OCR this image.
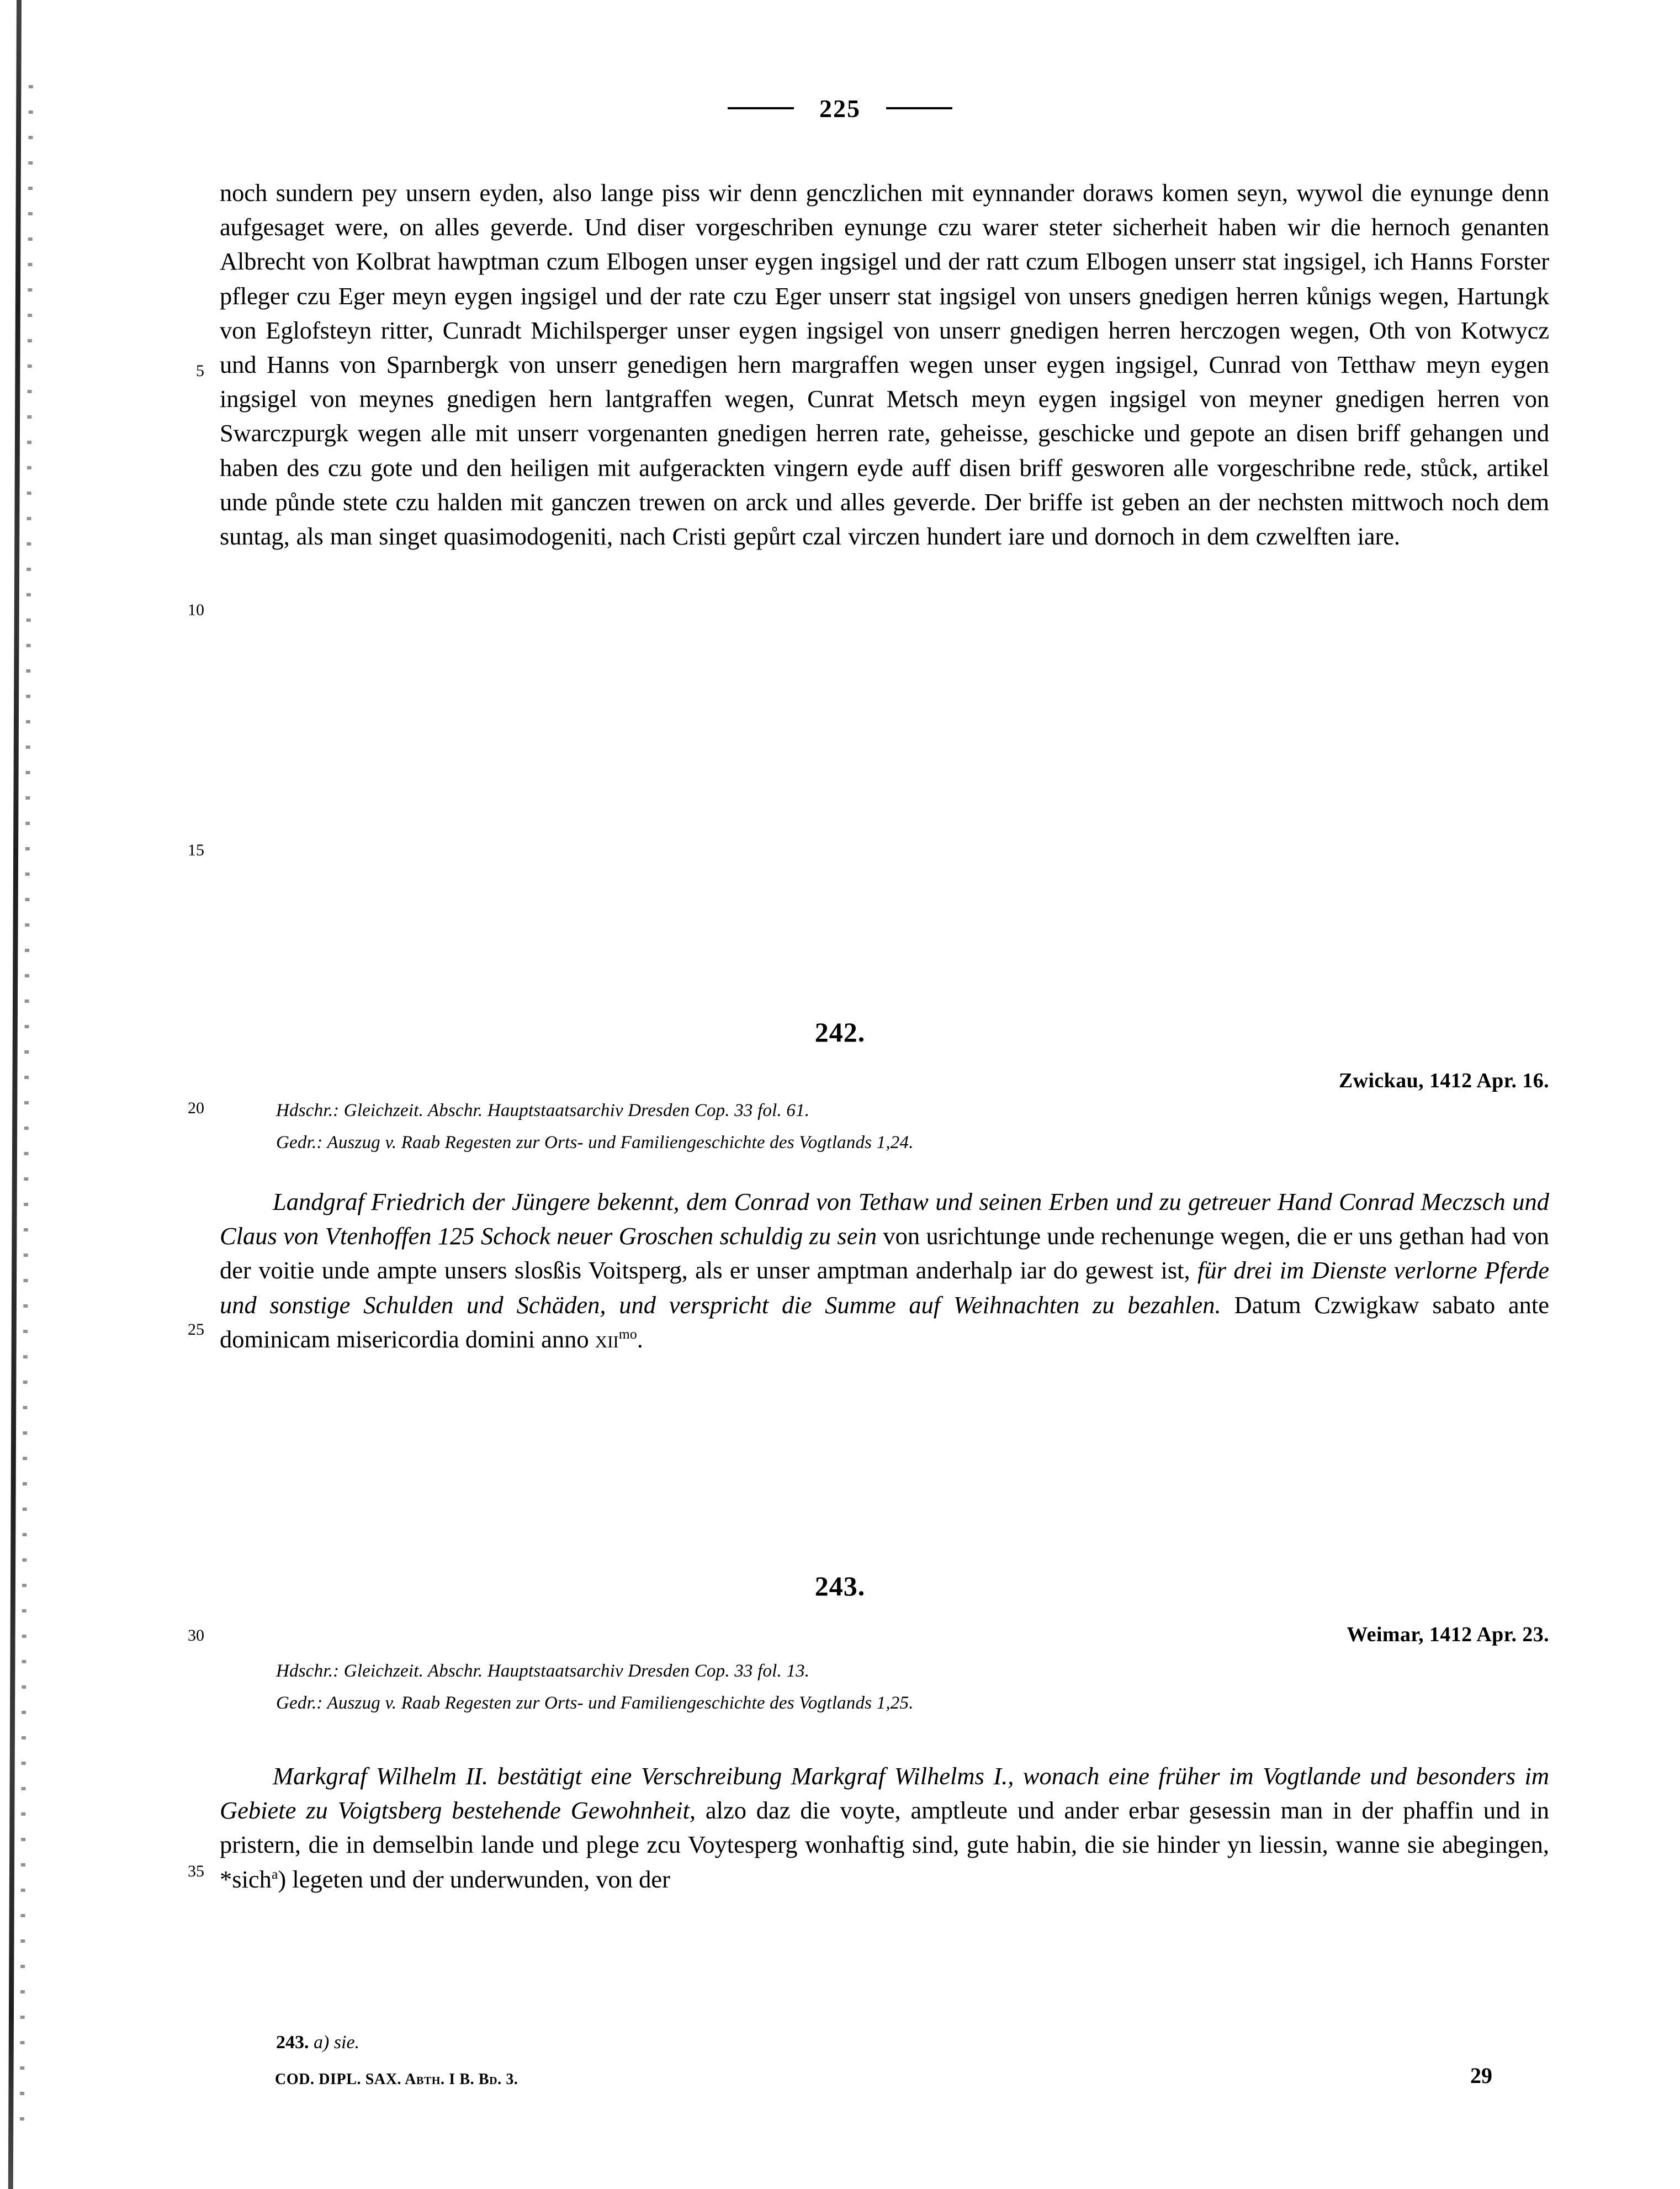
225

noch sundern pey unsern eyden, also lange piss wir denn genczlichen mit eynnander doraws komen seyn, wywol die eynunge denn aufgesaget were, on alles geverde. Und diser vorgeschriben eynunge czu warer steter sicherheit haben wir die hernoch genanten Albrecht von Kolbrat hawptman czum Elbogen unser eygen ingsigel und der ratt czum Elbogen unserr stat ingsigel, ich Hanns Forster pfleger czu Eger meyn eygen ingsigel und der rate czu Eger unserr stat ingsigel von unsers gnedigen herren kůnigs wegen, Hartungk von Eglofsteyn ritter, Cunradt Michilsperger unser eygen ingsigel von unserr gnedigen herren herczogen wegen, Oth von Kotwycz und Hanns von Sparnbergk von unserr genedigen hern margraffen wegen unser eygen ingsigel, Cunrad von Tetthaw meyn eygen ingsigel von meynes gnedigen hern lantgraffen wegen, Cunrat Metsch meyn eygen ingsigel von meyner gnedigen herren von Swarczpurgk wegen alle mit unserr vorgenanten gnedigen herren rate, geheisse, geschicke und gepote an disen briff gehangen und haben des czu gote und den heiligen mit aufgerackten vingern eyde auff disen briff gesworen alle vorgeschribne rede, stůck, artikel unde půnde stete czu halden mit ganczen trewen on arck und alles geverde. Der briffe ist geben an der nechsten mittwoch noch dem suntag, als man singet quasimodogeniti, nach Cristi gepůrt czal virczen hundert iare und dornoch in dem czwelften iare.

5
10
15
242.
Zwickau, 1412 Apr. 16.
20	Hdschr.: Gleichzeit. Abschr. Hauptstaatsarchiv Dresden Cop. 33 fol. 61.
Gedr.: Auszug v. Raab Regesten zur Orts- und Familiengeschichte des Vogtlands 1,24.

Landgraf Friedrich der Jüngere bekennt, dem Conrad von Tethaw und seinen Erben und zu getreuer Hand Conrad Meczsch und Claus von Vtenhoffen 125 Schock neuer Groschen schuldig zu sein von usrichtunge unde rechenunge wegen, die er uns gethan had von der voitie unde ampte unsers slosßis Voitsperg, als er unser amptman anderhalp iar do gewest ist, für drei im Dienste verlorne Pferde und sonstige Schulden und Schäden, und verspricht die Summe auf Weihnachten zu bezahlen. Datum Czwigkaw sabato ante dominicam misericordia domini anno xii$^{mo}$.

25
243.
Weimar, 1412 Apr. 23.
30
Hdschr.: Gleichzeit. Abschr. Hauptstaatsarchiv Dresden Cop. 33 fol. 13.
Gedr.: Auszug v. Raab Regesten zur Orts- und Familiengeschichte des Vogtlands 1,25.

Markgraf Wilhelm II. bestätigt eine Verschreibung Markgraf Wilhelms I., wonach eine früher im Vogtlande und besonders im Gebiete zu Voigtsberg bestehende Gewohnheit, alzo daz die voyte, amptleute und ander erbar gesessin man in der phaffin und in pristern, die in demselbin lande und plege zcu Voytesperg wonhaftig sind, gute habin, die sie hinder yn liessin, wanne sie abegingen, *sich$^a$) legeten und der underwunden, von der

35
243. a) sie.
COD. DIPL. SAX. Abth. I B. Bd. 3.	29
